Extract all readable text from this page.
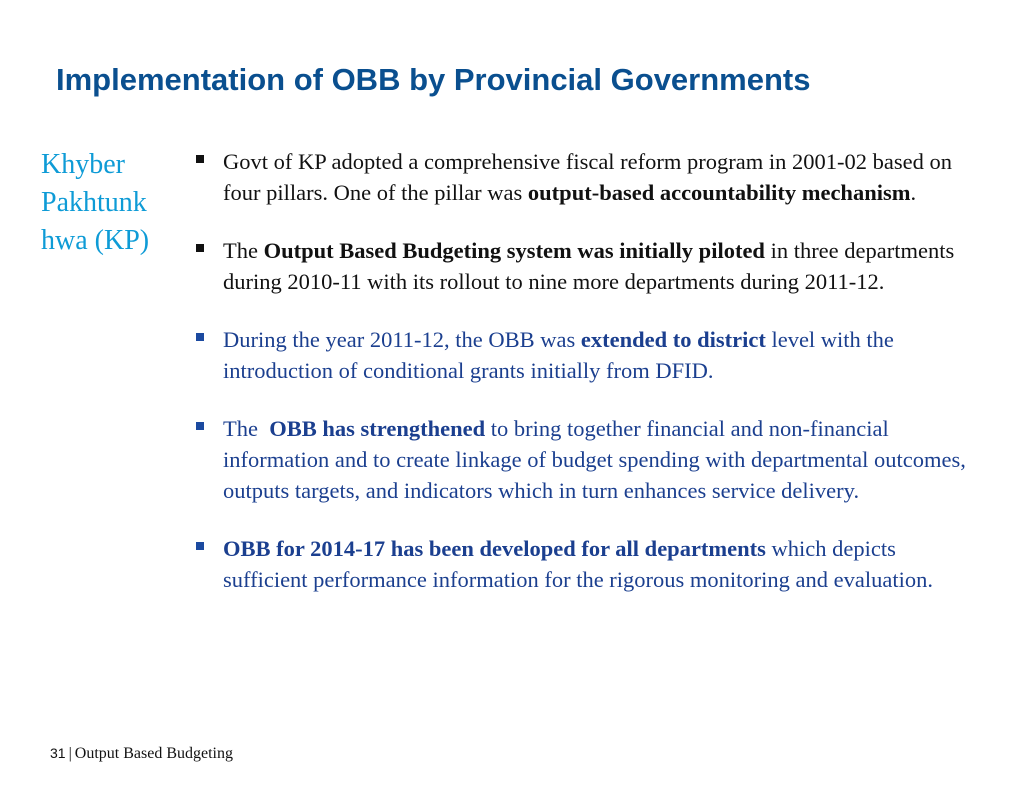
Implementation of OBB by Provincial Governments
Khyber
Pakhtunk
hwa (KP)
Govt of KP adopted a comprehensive fiscal reform program in 2001-02 based on four pillars. One of the pillar was output-based accountability mechanism.
The Output Based Budgeting system was initially piloted in three departments during 2010-11 with its rollout to nine more departments during 2011-12.
During the year 2011-12, the OBB was extended to district level with the introduction of conditional grants initially from DFID.
The  OBB has strengthened to bring together financial and non-financial information and to create linkage of budget spending with departmental outcomes, outputs targets, and indicators which in turn enhances service delivery.
OBB for 2014-17 has been developed for all departments which depicts sufficient performance information for the rigorous monitoring and evaluation.
31 | Output Based Budgeting
